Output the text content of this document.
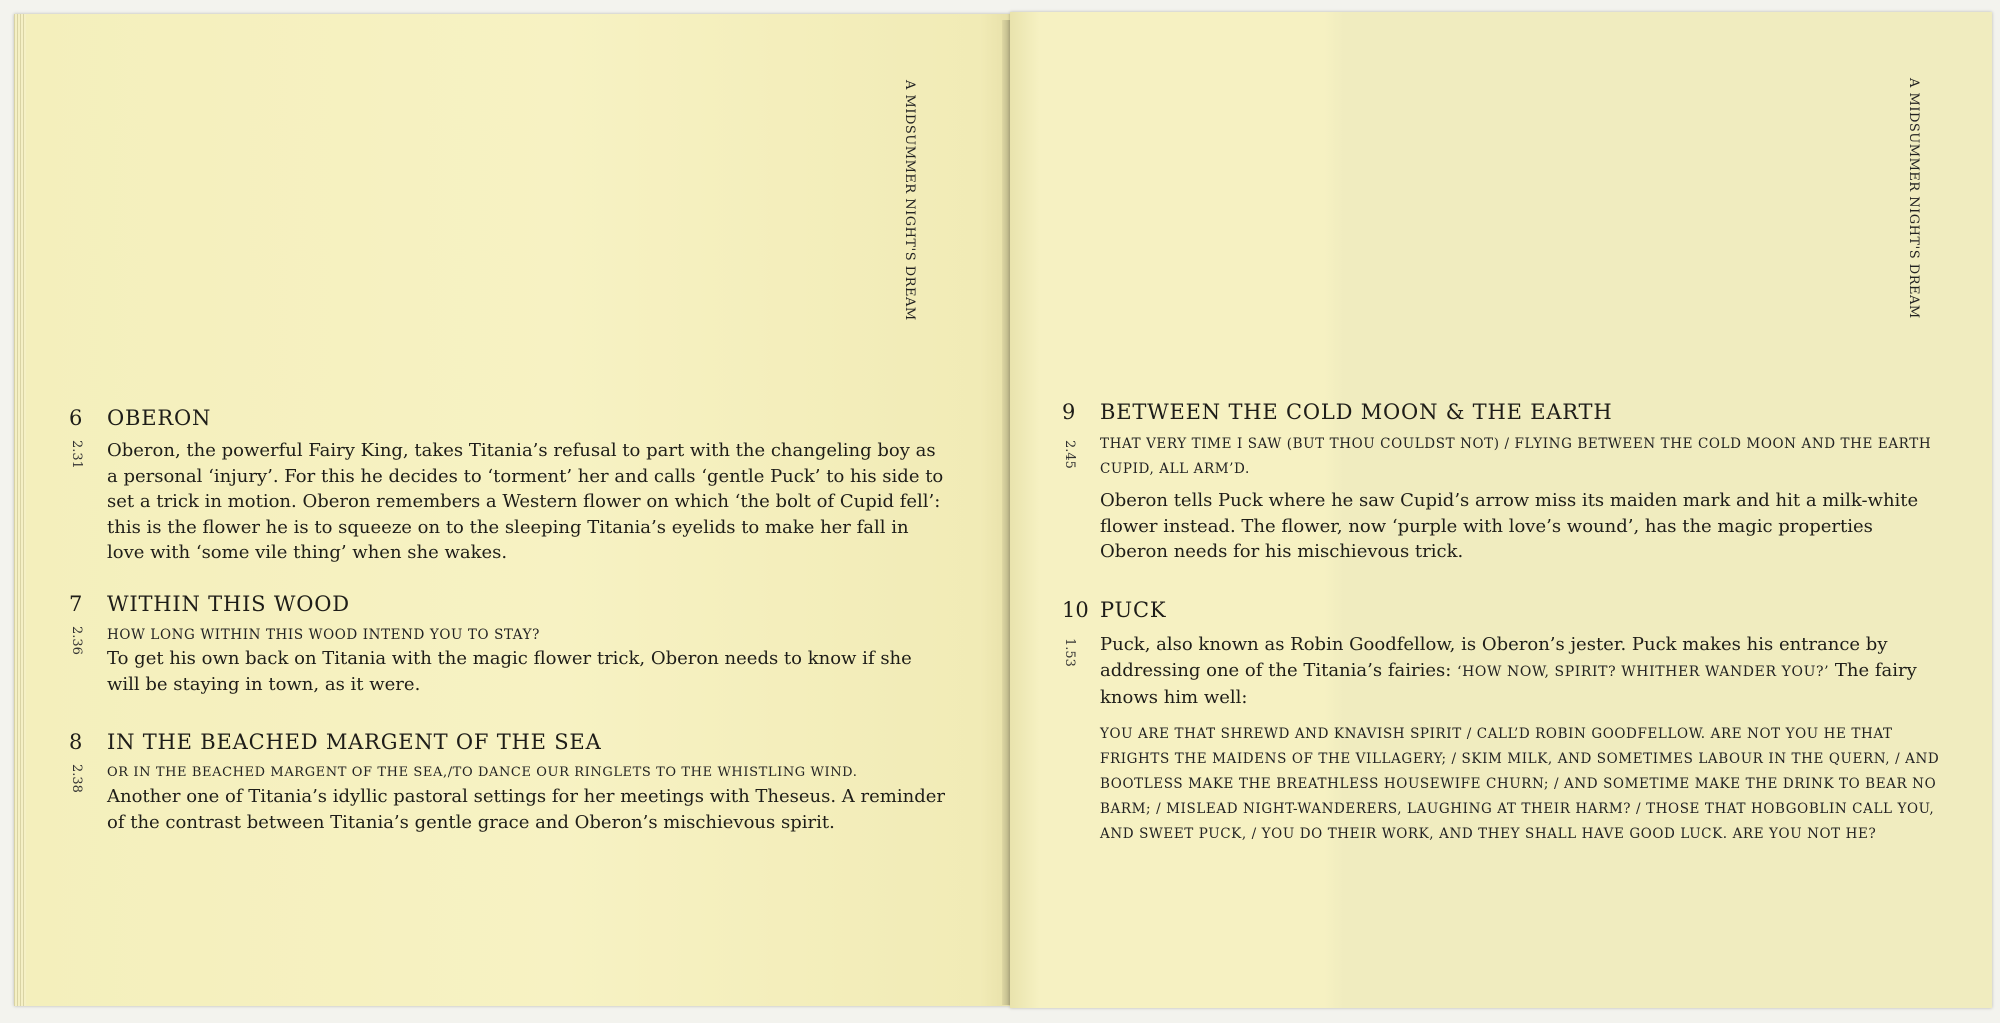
A MIDSUMMER NIGHT'S DREAM
6	OBERON
2.31 Oberon, the powerful Fairy King, takes Titania’s refusal to part with the changeling boy as a personal ‘injury’. For this he decides to ‘torment’ her and calls ‘gentle Puck’ to his side to set a trick in motion. Oberon remembers a Western flower on which ‘the bolt of Cupid fell’: this is the flower he is to squeeze on to the sleeping Titania’s eyelids to make her fall in love with ‘some vile thing’ when she wakes.
7	WITHIN THIS WOOD
2.36 HOW LONG WITHIN THIS WOOD INTEND YOU TO STAY?
To get his own back on Titania with the magic flower trick, Oberon needs to know if she will be staying in town, as it were.
8	IN THE BEACHED MARGENT OF THE SEA
2.38 OR IN THE BEACHED MARGENT OF THE SEA,/TO DANCE OUR RINGLETS TO THE WHISTLING WIND.
Another one of Titania’s idyllic pastoral settings for her meetings with Theseus. A reminder of the contrast between Titania’s gentle grace and Oberon’s mischievous spirit.
A MIDSUMMER NIGHT'S DREAM
9	BETWEEN THE COLD MOON & THE EARTH
2.45 THAT VERY TIME I SAW (BUT THOU COULDST NOT) / FLYING BETWEEN THE COLD MOON AND THE EARTH CUPID, ALL ARM’D.
Oberon tells Puck where he saw Cupid’s arrow miss its maiden mark and hit a milk-white flower instead. The flower, now ‘purple with love’s wound’, has the magic properties Oberon needs for his mischievous trick.
10 PUCK
1.53 Puck, also known as Robin Goodfellow, is Oberon’s jester. Puck makes his entrance by addressing one of the Titania’s fairies: ‘HOW NOW, SPIRIT? WHITHER WANDER YOU?’ The fairy knows him well:
YOU ARE THAT SHREWD AND KNAVISH SPIRIT / CALL’D ROBIN GOODFELLOW. ARE NOT YOU HE THAT FRIGHTS THE MAIDENS OF THE VILLAGERY; / SKIM MILK, AND SOMETIMES LABOUR IN THE QUERN, / AND BOOTLESS MAKE THE BREATHLESS HOUSEWIFE CHURN; / AND SOMETIME MAKE THE DRINK TO BEAR NO BARM; / MISLEAD NIGHT-WANDERERS, LAUGHING AT THEIR HARM? / THOSE THAT HOBGOBLIN CALL YOU, AND SWEET PUCK, / YOU DO THEIR WORK, AND THEY SHALL HAVE GOOD LUCK. ARE YOU NOT HE?
